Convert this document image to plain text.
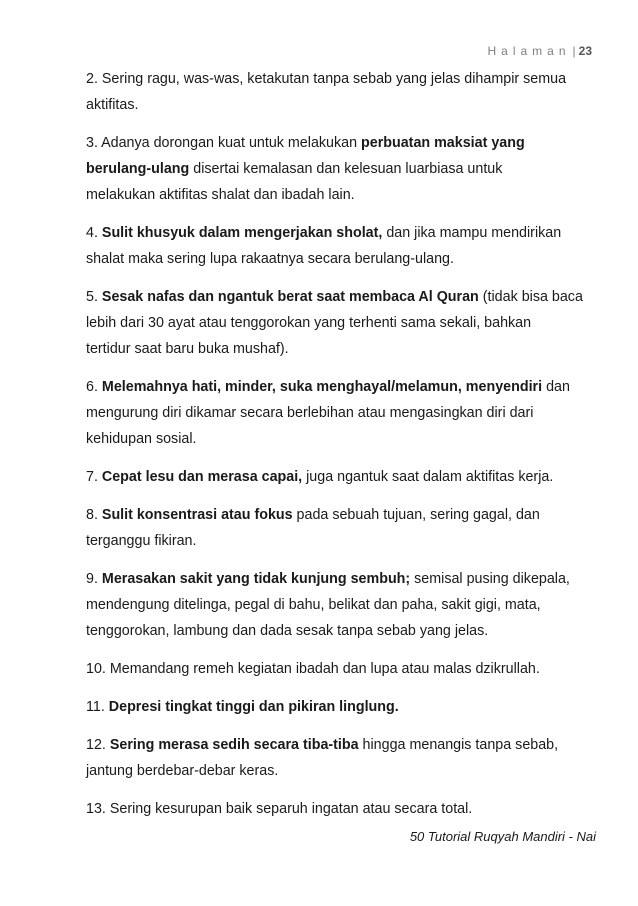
Halaman | 23
2. Sering ragu, was-was, ketakutan tanpa sebab yang jelas dihampir semua
aktifitas.
3. Adanya dorongan kuat untuk melakukan perbuatan maksiat yang
berulang-ulang disertai kemalasan dan kelesuan luarbiasa untuk
melakukan aktifitas shalat dan ibadah lain.
4. Sulit khusyuk dalam mengerjakan sholat, dan jika mampu mendirikan
shalat maka sering lupa rakaatnya secara berulang-ulang.
5. Sesak nafas dan ngantuk berat saat membaca Al Quran (tidak bisa baca
lebih dari 30 ayat atau tenggorokan yang terhenti sama sekali, bahkan
tertidur saat baru buka mushaf).
6. Melemahnya hati, minder, suka menghayal/melamun, menyendiri dan
mengurung diri dikamar secara berlebihan atau mengasingkan diri dari
kehidupan sosial.
7. Cepat lesu dan merasa capai, juga ngantuk saat dalam aktifitas kerja.
8. Sulit konsentrasi atau fokus pada sebuah tujuan, sering gagal, dan
terganggu fikiran.
9. Merasakan sakit yang tidak kunjung sembuh; semisal pusing dikepala,
mendengung ditelinga, pegal di bahu, belikat dan paha, sakit gigi, mata,
tenggorokan, lambung dan dada sesak tanpa sebab yang jelas.
10. Memandang remeh kegiatan ibadah dan lupa atau malas dzikrullah.
11. Depresi tingkat tinggi dan pikiran linglung.
12. Sering merasa sedih secara tiba-tiba hingga menangis tanpa sebab,
jantung berdebar-debar keras.
13. Sering kesurupan baik separuh ingatan atau secara total.
50 Tutorial Ruqyah Mandiri - Nai
